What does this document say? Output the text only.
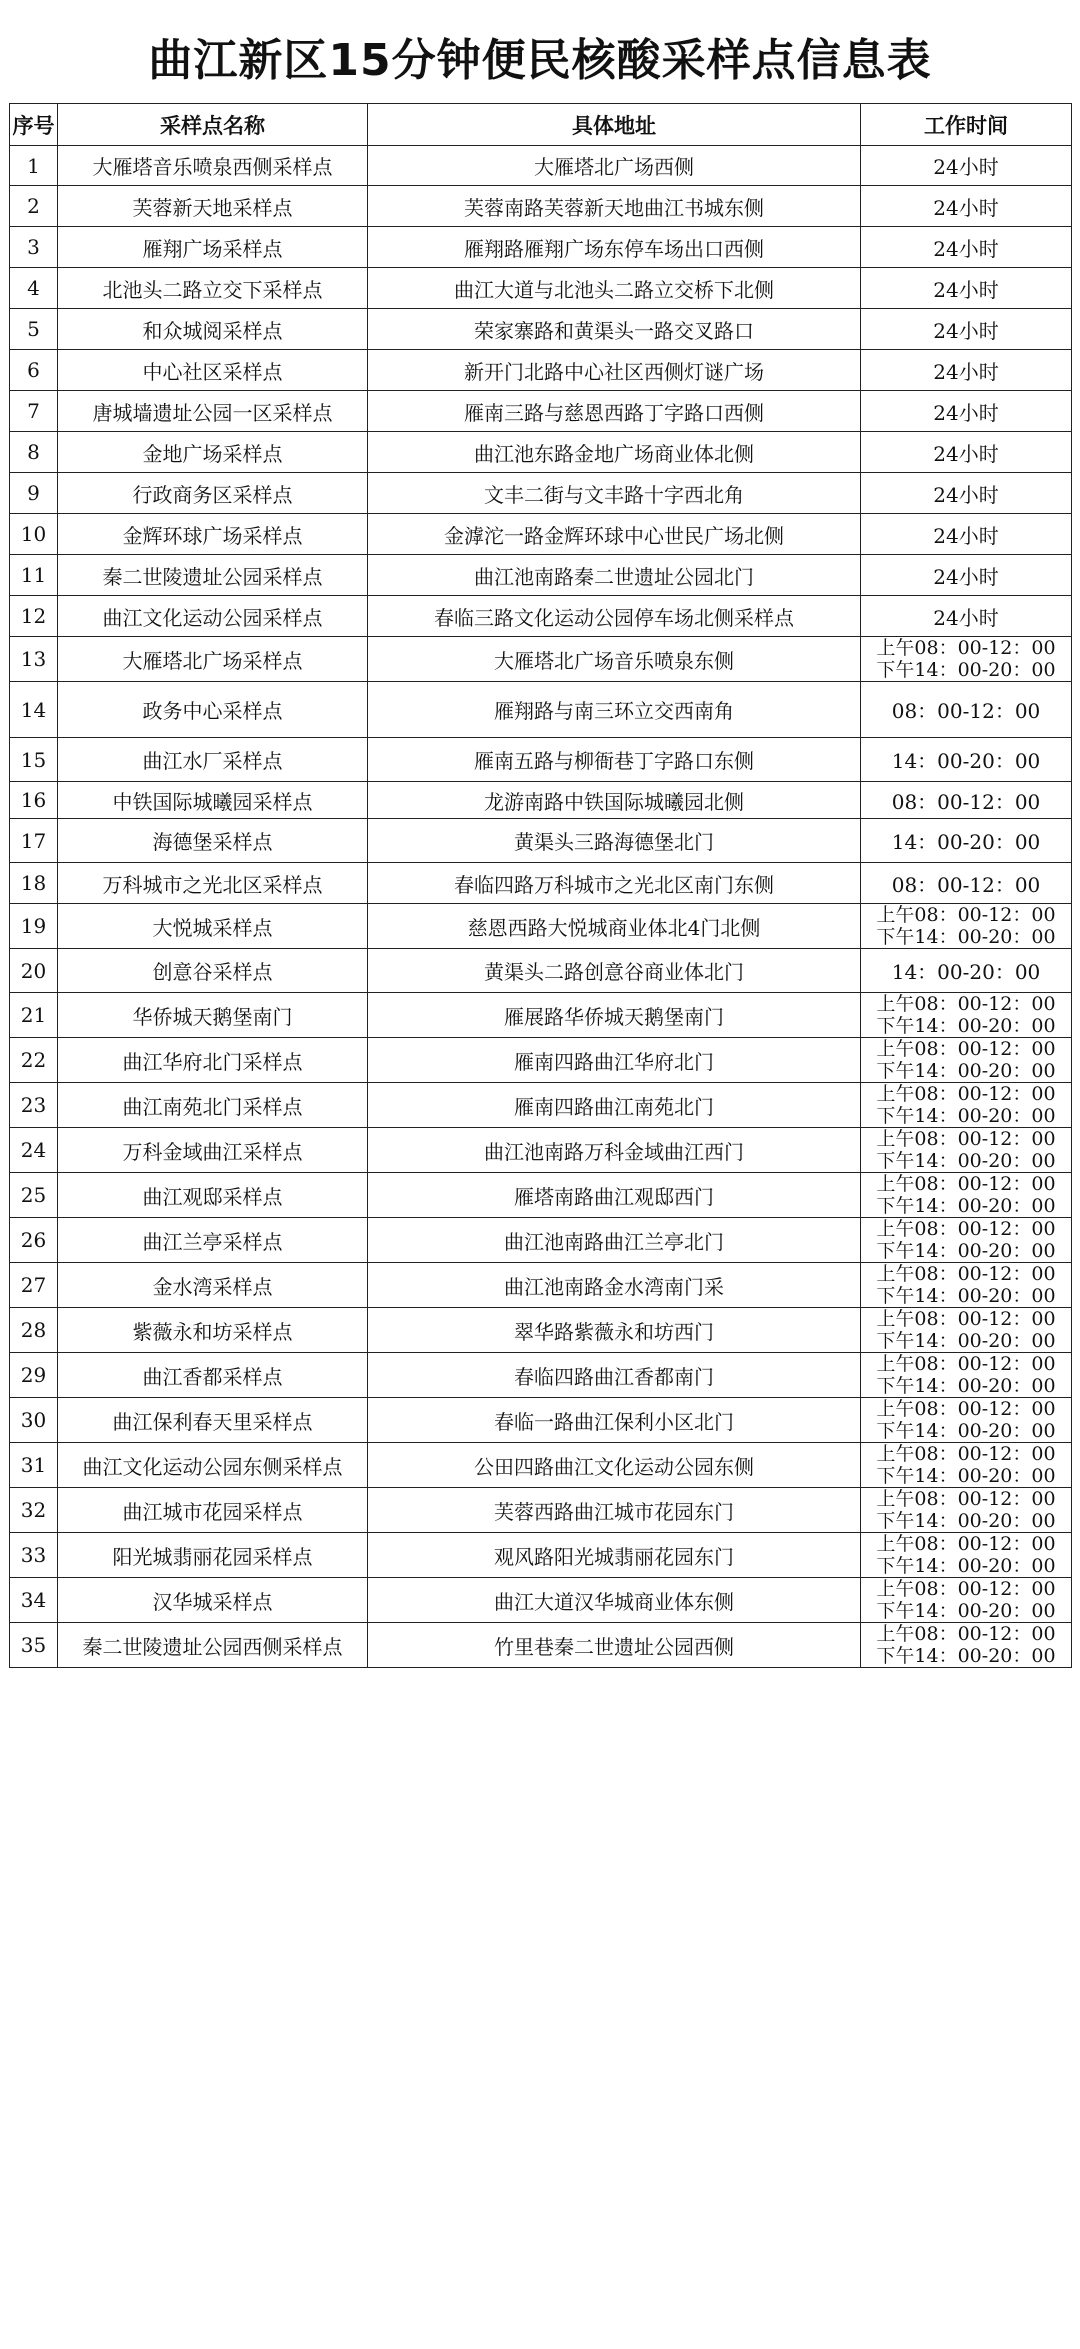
曲江新区15分钟便民核酸采样点信息表
序号	采样点名称	具体地址	工作时间
1	大雁塔音乐喷泉西侧采样点	大雁塔北广场西侧	24小时

2	芙蓉新天地采样点	芙蓉南路芙蓉新天地曲江书城东侧	24小时

3	雁翔广场采样点	雁翔路雁翔广场东停车场出口西侧	24小时

4	北池头二路立交下采样点	曲江大道与北池头二路立交桥下北侧	24小时

5	和众城阅采样点	荣家寨路和黄渠头一路交叉路口	24小时

6	中心社区采样点	新开门北路中心社区西侧灯谜广场	24小时

7	唐城墙遗址公园一区采样点	雁南三路与慈恩西路丁字路口西侧	24小时

8	金地广场采样点	曲江池东路金地广场商业体北侧	24小时

9	行政商务区采样点	文丰二街与文丰路十字西北角	24小时

10	金辉环球广场采样点	金滹沱一路金辉环球中心世民广场北侧	24小时

11	秦二世陵遗址公园采样点	曲江池南路秦二世遗址公园北门	24小时

12	曲江文化运动公园采样点	春临三路文化运动公园停车场北侧采样点	24小时

13	大雁塔北广场采样点	大雁塔北广场音乐喷泉东侧	上午08：00-12：00
下午14：00-20：00

14	政务中心采样点	雁翔路与南三环立交西南角	08：00-12：00

15	曲江水厂采样点	雁南五路与柳衙巷丁字路口东侧	14：00-20：00

16	中铁国际城曦园采样点	龙游南路中铁国际城曦园北侧	08：00-12：00

17	海德堡采样点	黄渠头三路海德堡北门	14：00-20：00

18	万科城市之光北区采样点	春临四路万科城市之光北区南门东侧	08：00-12：00

19	大悦城采样点	慈恩西路大悦城商业体北4门北侧	上午08：00-12：00
下午14：00-20：00

20	创意谷采样点	黄渠头二路创意谷商业体北门	14：00-20：00

21	华侨城天鹅堡南门	雁展路华侨城天鹅堡南门	上午08：00-12：00
下午14：00-20：00

22	曲江华府北门采样点	雁南四路曲江华府北门	上午08：00-12：00
下午14：00-20：00

23	曲江南苑北门采样点	雁南四路曲江南苑北门	上午08：00-12：00
下午14：00-20：00

24	万科金域曲江采样点	曲江池南路万科金域曲江西门	上午08：00-12：00
下午14：00-20：00

25	曲江观邸采样点	雁塔南路曲江观邸西门	上午08：00-12：00
下午14：00-20：00

26	曲江兰亭采样点	曲江池南路曲江兰亭北门	上午08：00-12：00
下午14：00-20：00

27	金水湾采样点	曲江池南路金水湾南门采	上午08：00-12：00
下午14：00-20：00

28	紫薇永和坊采样点	翠华路紫薇永和坊西门	上午08：00-12：00
下午14：00-20：00

29	曲江香都采样点	春临四路曲江香都南门	上午08：00-12：00
下午14：00-20：00

30	曲江保利春天里采样点	春临一路曲江保利小区北门	上午08：00-12：00
下午14：00-20：00

31	曲江文化运动公园东侧采样点	公田四路曲江文化运动公园东侧	上午08：00-12：00
下午14：00-20：00

32	曲江城市花园采样点	芙蓉西路曲江城市花园东门	上午08：00-12：00
下午14：00-20：00

33	阳光城翡丽花园采样点	观风路阳光城翡丽花园东门	上午08：00-12：00
下午14：00-20：00

34	汉华城采样点	曲江大道汉华城商业体东侧	上午08：00-12：00
下午14：00-20：00

35	秦二世陵遗址公园西侧采样点	竹里巷秦二世遗址公园西侧	上午08：00-12：00
下午14：00-20：00
